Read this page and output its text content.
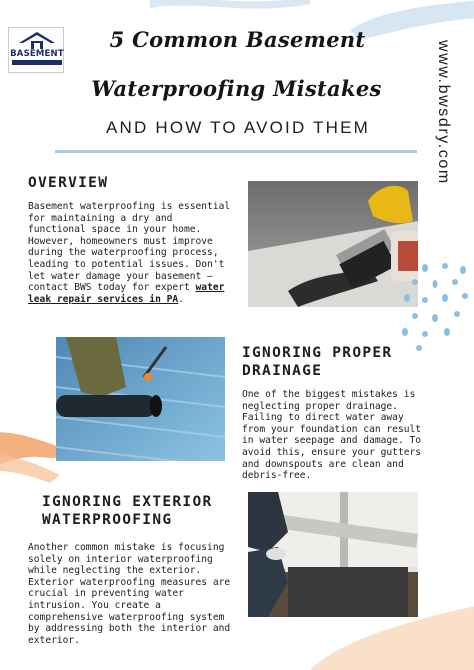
BASEMENT
5 Common Basement
Waterproofing Mistakes
AND HOW TO AVOID THEM	www.bwsdry.com
OVERVIEW
Basement waterproofing is essential for maintaining a dry and functional space in your home. However, homeowners must improve during the waterproofing process, leading to potential issues. Don't let water damage your basement – contact BWS today for expert water leak repair services in PA.
IGNORING PROPER DRAINAGE
One of the biggest mistakes is neglecting proper drainage. Failing to direct water away from your foundation can result in water seepage and damage. To avoid this, ensure your gutters and downspouts are clean and debris-free.
IGNORING EXTERIOR WATERPROOFING
Another common mistake is focusing solely on interior waterproofing while neglecting the exterior. Exterior waterproofing measures are crucial in preventing water intrusion. You create a comprehensive waterproofing system by addressing both the interior and exterior.
